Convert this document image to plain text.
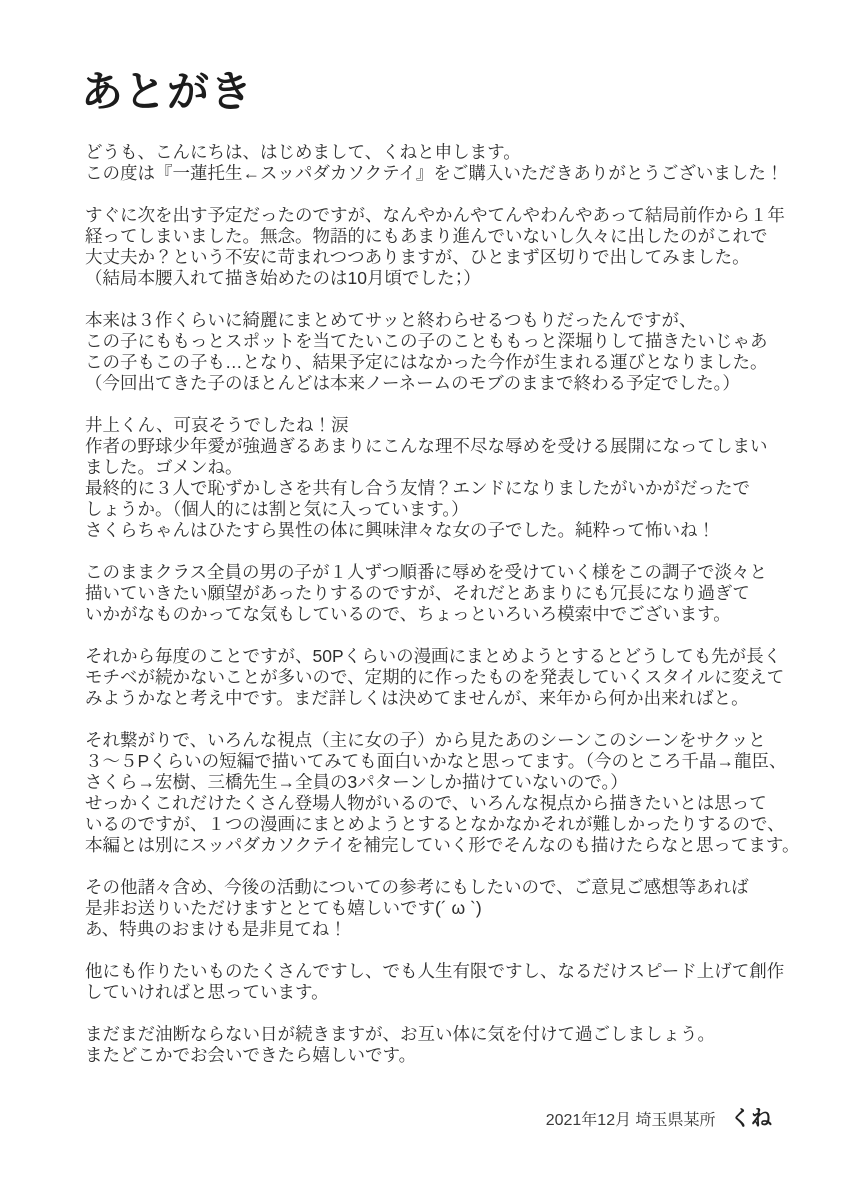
あとがき
どうも、こんにちは、はじめまして、くねと申します。
この度は『一蓮托生←スッパダカソクテイ』をご購入いただきありがとうございました！
すぐに次を出す予定だったのですが、なんやかんやてんやわんやあって結局前作から１年
経ってしまいました。無念。物語的にもあまり進んでいないし久々に出したのがこれで
大丈夫か？という不安に苛まれつつありますが、ひとまず区切りで出してみました。
（結局本腰入れて描き始めたのは10月頃でした；）
本来は３作くらいに綺麗にまとめてサッと終わらせるつもりだったんですが、
この子にももっとスポットを当てたいこの子のことももっと深堀りして描きたいじゃあ
この子もこの子も…となり、結果予定にはなかった今作が生まれる運びとなりました。
（今回出てきた子のほとんどは本来ノーネームのモブのままで終わる予定でした。）
井上くん、可哀そうでしたね！涙
作者の野球少年愛が強過ぎるあまりにこんな理不尽な辱めを受ける展開になってしまい
ました。ゴメンね。
最終的に３人で恥ずかしさを共有し合う友情？エンドになりましたがいかがだったで
しょうか。（個人的には割と気に入っています。）
さくらちゃんはひたすら異性の体に興味津々な女の子でした。純粋って怖いね！
このままクラス全員の男の子が１人ずつ順番に辱めを受けていく様をこの調子で淡々と
描いていきたい願望があったりするのですが、それだとあまりにも冗長になり過ぎて
いかがなものかってな気もしているので、ちょっといろいろ模索中でございます。
それから毎度のことですが、50Pくらいの漫画にまとめようとするとどうしても先が長く
モチベが続かないことが多いので、定期的に作ったものを発表していくスタイルに変えて
みようかなと考え中です。まだ詳しくは決めてませんが、来年から何か出来ればと。
それ繋がりで、いろんな視点（主に女の子）から見たあのシーンこのシーンをサクッと
３〜５Pくらいの短編で描いてみても面白いかなと思ってます。（今のところ千晶→龍臣、
さくら→宏樹、三橋先生→全員の3パターンしか描けていないので。）
せっかくこれだけたくさん登場人物がいるので、いろんな視点から描きたいとは思って
いるのですが、１つの漫画にまとめようとするとなかなかそれが難しかったりするので、
本編とは別にスッパダカソクテイを補完していく形でそんなのも描けたらなと思ってます。
その他諸々含め、今後の活動についての参考にもしたいので、ご意見ご感想等あれば
是非お送りいただけますととても嬉しいです(´ ω `)
あ、特典のおまけも是非見てね！
他にも作りたいものたくさんですし、でも人生有限ですし、なるだけスピード上げて創作
していければと思っています。
まだまだ油断ならない日が続きますが、お互い体に気を付けて過ごしましょう。
またどこかでお会いできたら嬉しいです。
2021年12月 埼玉県某所 くね
